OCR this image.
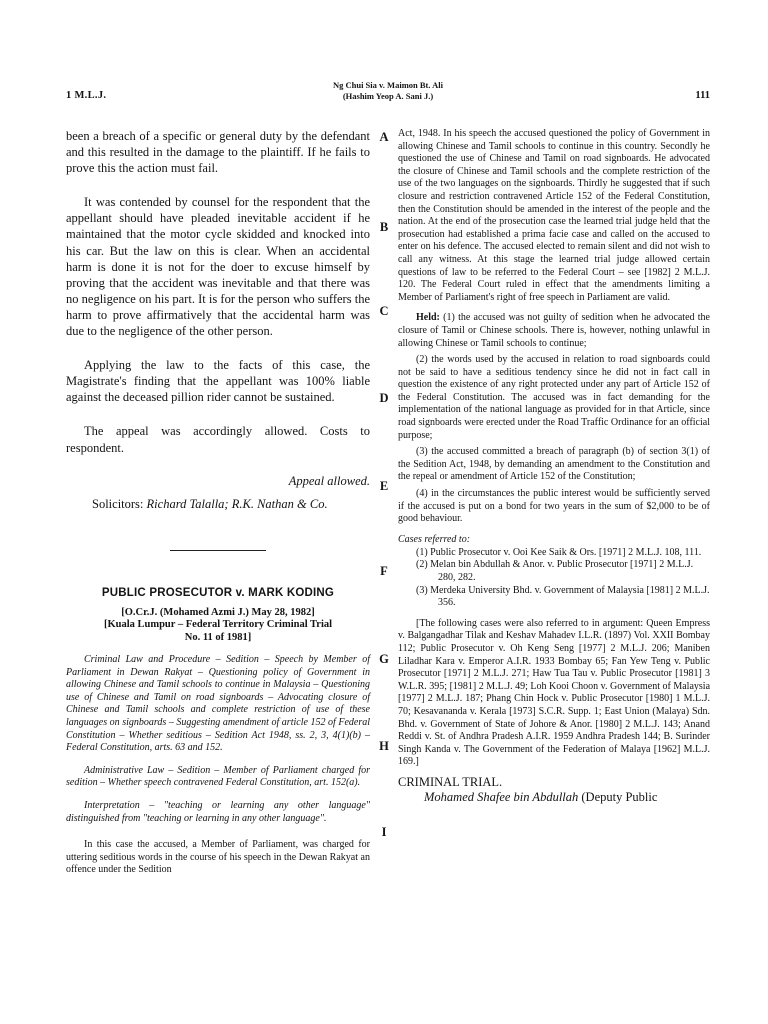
1 M.L.J.
Ng Chui Sia v. Maimon Bt. Ali
(Hashim Yeop A. Sani J.)	111
A
B
C
D
E
F
G
H
I

been a breach of a specific or general duty by the defendant and this resulted in the damage to the plaintiff. If he fails to prove this the action must fail.

It was contended by counsel for the respondent that the appellant should have pleaded inevitable accident if he maintained that the motor cycle skidded and knocked into his car. But the law on this is clear. When an accidental harm is done it is not for the doer to excuse himself by proving that the accident was inevitable and that there was no negligence on his part. It is for the person who suffers the harm to prove affirmatively that the accidental harm was due to the negligence of the other person.

Applying the law to the facts of this case, the Magistrate's finding that the appellant was 100% liable against the deceased pillion rider cannot be sustained.

The appeal was accordingly allowed. Costs to respondent.

Appeal allowed.

Solicitors: Richard Talalla; R.K. Nathan & Co.

PUBLIC PROSECUTOR v. MARK KODING

[O.Cr.J. (Mohamed Azmi J.) May 28, 1982]
[Kuala Lumpur – Federal Territory Criminal Trial
No. 11 of 1981]

Criminal Law and Procedure – Sedition – Speech by Member of Parliament in Dewan Rakyat – Questioning policy of Government in allowing Chinese and Tamil schools to continue in Malaysia – Questioning use of Chinese and Tamil on road signboards – Advocating closure of Chinese and Tamil schools and complete restriction of use of these languages on signboards – Suggesting amendment of article 152 of Federal Constitution – Whether seditious – Sedition Act 1948, ss. 2, 3, 4(1)(b) – Federal Constitution, arts. 63 and 152.

Administrative Law – Sedition – Member of Parliament charged for sedition – Whether speech contravened Federal Constitution, art. 152(a).

Interpretation – "teaching or learning any other language" distinguished from "teaching or learning in any other language".

In this case the accused, a Member of Parliament, was charged for uttering seditious words in the course of his speech in the Dewan Rakyat an offence under the Sedition

Act, 1948. In his speech the accused questioned the policy of Government in allowing Chinese and Tamil schools to continue in this country. Secondly he questioned the use of Chinese and Tamil on road signboards. He advocated the closure of Chinese and Tamil schools and the complete restriction of the use of the two languages on the signboards. Thirdly he suggested that if such closure and restriction contravened Article 152 of the Federal Constitution, then the Constitution should be amended in the interest of the people and the nation. At the end of the prosecution case the learned trial judge held that the prosecution had established a prima facie case and called on the accused to enter on his defence. The accused elected to remain silent and did not wish to call any witness. At this stage the learned trial judge allowed certain questions of law to be referred to the Federal Court – see [1982] 2 M.L.J. 120. The Federal Court ruled in effect that the amendments limiting a Member of Parliament's right of free speech in Parliament are valid.

Held: (1) the accused was not guilty of sedition when he advocated the closure of Tamil or Chinese schools. There is, however, nothing unlawful in allowing Chinese or Tamil schools to continue;

(2) the words used by the accused in relation to road signboards could not be said to have a seditious tendency since he did not in fact call in question the existence of any right protected under any part of Article 152 of the Federal Constitution. The accused was in fact demanding for the implementation of the national language as provided for in that Article, since road signboards were erected under the Road Traffic Ordinance for an official purpose;

(3) the accused committed a breach of paragraph (b) of section 3(1) of the Sedition Act, 1948, by demanding an amendment to the Constitution and the repeal or amendment of Article 152 of the Constitution;

(4) in the circumstances the public interest would be sufficiently served if the accused is put on a bond for two years in the sum of $2,000 to be of good behaviour.

Cases referred to:

(1) Public Prosecutor v. Ooi Kee Saik & Ors. [1971] 2 M.L.J. 108, 111.
(2) Melan bin Abdullah & Anor. v. Public Prosecutor [1971] 2 M.L.J. 280, 282.
(3) Merdeka University Bhd. v. Government of Malaysia [1981] 2 M.L.J. 356.

[The following cases were also referred to in argument: Queen Empress v. Balgangadhar Tilak and Keshav Mahadev I.L.R. (1897) Vol. XXII Bombay 112; Public Prosecutor v. Oh Keng Seng [1977] 2 M.L.J. 206; Maniben Liladhar Kara v. Emperor A.I.R. 1933 Bombay 65; Fan Yew Teng v. Public Prosecutor [1971] 2 M.L.J. 271; Haw Tua Tau v. Public Prosecutor [1981] 3 W.L.R. 395; [1981] 2 M.L.J. 49; Loh Kooi Choon v. Government of Malaysia [1977] 2 M.L.J. 187; Phang Chin Hock v. Public Prosecutor [1980] 1 M.L.J. 70; Kesavananda v. Kerala [1973] S.C.R. Supp. 1; East Union (Malaya) Sdn. Bhd. v. Government of State of Johore & Anor. [1980] 2 M.L.J. 143; Anand Reddi v. St. of Andhra Pradesh A.I.R. 1959 Andhra Pradesh 144; B. Surinder Singh Kanda v. The Government of the Federation of Malaya [1962] M.L.J. 169.]

CRIMINAL TRIAL.

Mohamed Shafee bin Abdullah (Deputy Public
